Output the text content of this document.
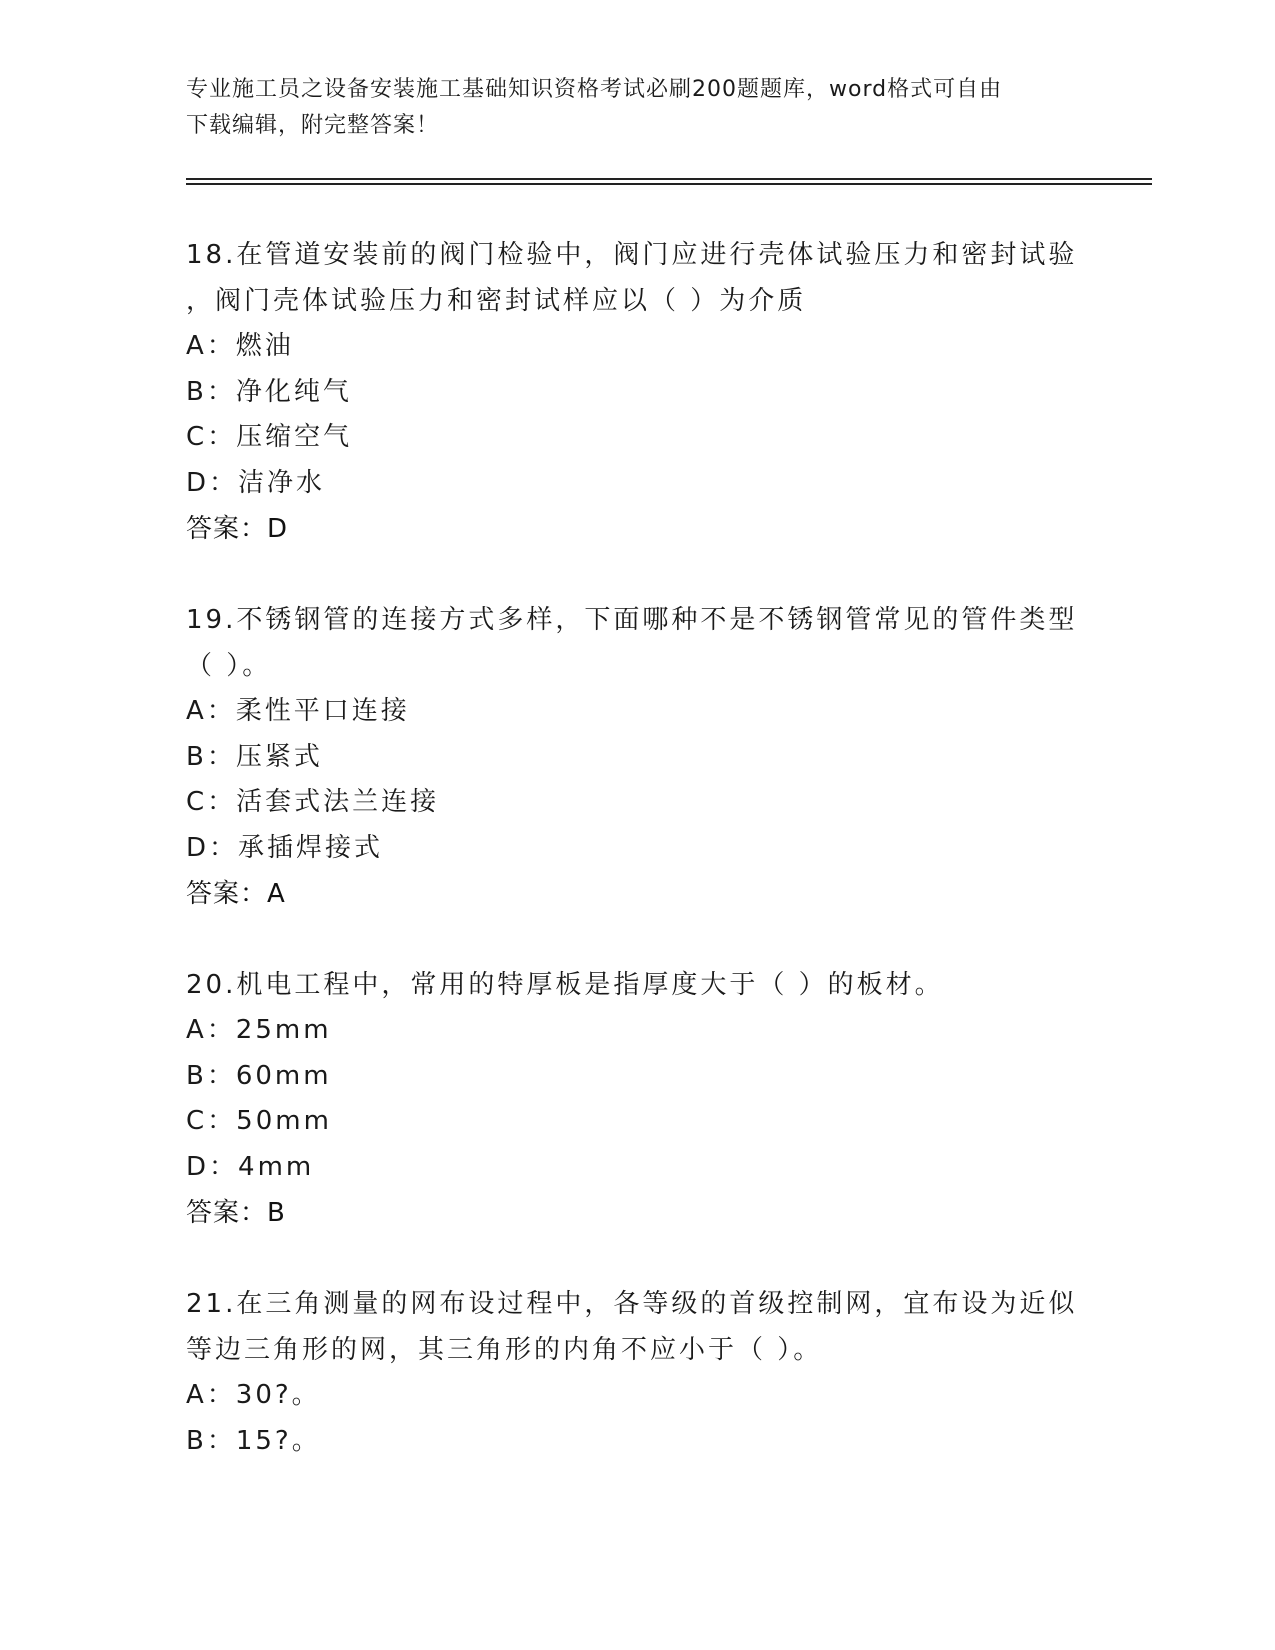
专业施工员之设备安装施工基础知识资格考试必刷200题题库，word格式可自由
下载编辑，附完整答案！
18.在管道安装前的阀门检验中，阀门应进行壳体试验压力和密封试验
，阀门壳体试验压力和密封试样应以（ ）为介质
A：燃油
B：净化纯气
C：压缩空气
D：洁净水
答案：D
19.不锈钢管的连接方式多样，下面哪种不是不锈钢管常见的管件类型
（ ）。
A：柔性平口连接
B：压紧式
C：活套式法兰连接
D：承插焊接式
答案：A
20.机电工程中，常用的特厚板是指厚度大于（ ）的板材。
A：25mm
B：60mm
C：50mm
D：4mm
答案：B
21.在三角测量的网布设过程中，各等级的首级控制网，宜布设为近似
等边三角形的网，其三角形的内角不应小于（ ）。
A：30?。
B：15?。
